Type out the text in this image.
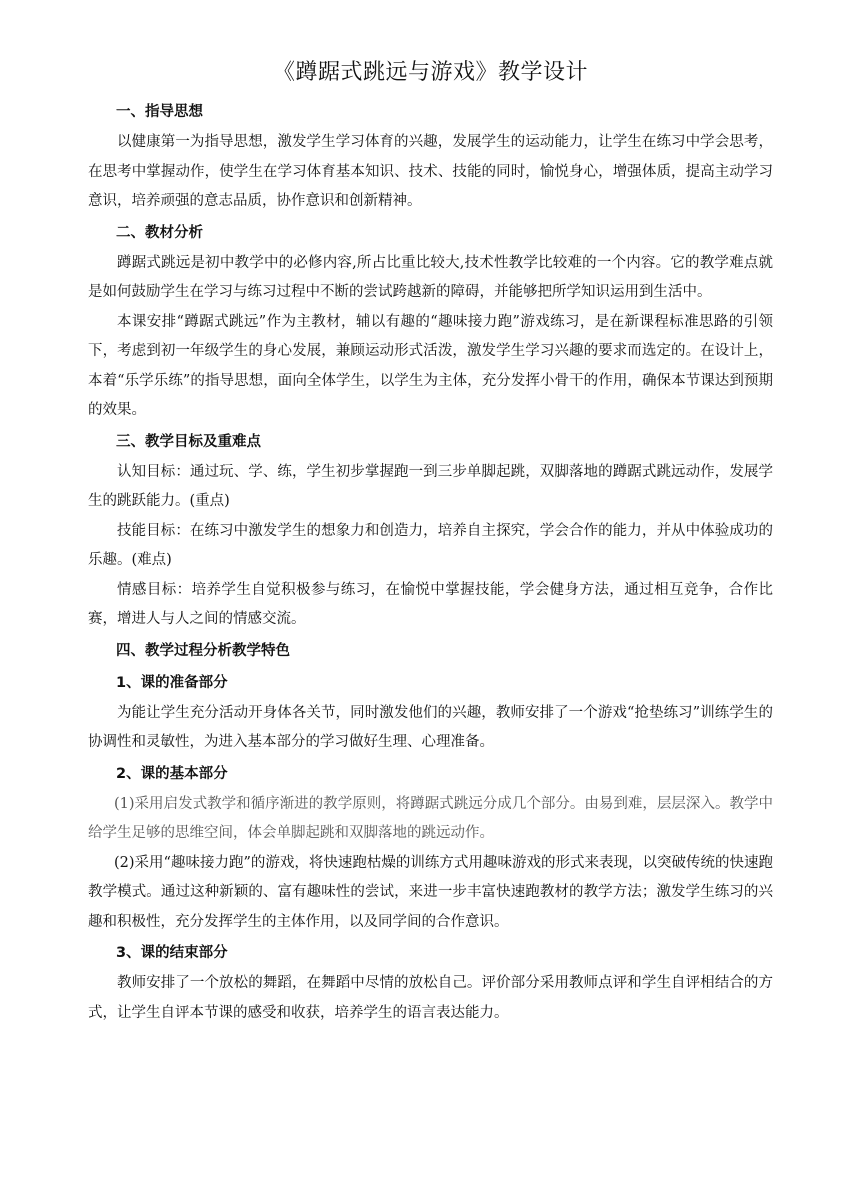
《蹲踞式跳远与游戏》教学设计
一、指导思想

以健康第一为指导思想，激发学生学习体育的兴趣，发展学生的运动能力，让学生在练习中学会思考，在思考中掌握动作，使学生在学习体育基本知识、技术、技能的同时，愉悦身心，增强体质，提高主动学习意识，培养顽强的意志品质，协作意识和创新精神。

二、教材分析

蹲踞式跳远是初中教学中的必修内容,所占比重比较大,技术性教学比较难的一个内容。它的教学难点就是如何鼓励学生在学习与练习过程中不断的尝试跨越新的障碍，并能够把所学知识运用到生活中。

本课安排“蹲踞式跳远”作为主教材，辅以有趣的“趣味接力跑”游戏练习，是在新课程标准思路的引领下，考虑到初一年级学生的身心发展，兼顾运动形式活泼，激发学生学习兴趣的要求而选定的。在设计上，本着“乐学乐练”的指导思想，面向全体学生，以学生为主体，充分发挥小骨干的作用，确保本节课达到预期的效果。

三、教学目标及重难点

认知目标：通过玩、学、练，学生初步掌握跑一到三步单脚起跳，双脚落地的蹲踞式跳远动作，发展学生的跳跃能力。(重点)

技能目标：在练习中激发学生的想象力和创造力，培养自主探究，学会合作的能力，并从中体验成功的乐趣。(难点)

情感目标：培养学生自觉积极参与练习，在愉悦中掌握技能，学会健身方法，通过相互竞争，合作比赛，增进人与人之间的情感交流。

四、教学过程分析教学特色
1、课的准备部分

为能让学生充分活动开身体各关节，同时激发他们的兴趣，教师安排了一个游戏“抢垫练习”训练学生的协调性和灵敏性，为进入基本部分的学习做好生理、心理准备。

2、课的基本部分

(1)采用启发式教学和循序渐进的教学原则，将蹲踞式跳远分成几个部分。由易到难，层层深入。教学中给学生足够的思维空间，体会单脚起跳和双脚落地的跳远动作。

(2)采用“趣味接力跑”的游戏，将快速跑枯燥的训练方式用趣味游戏的形式来表现，以突破传统的快速跑教学模式。通过这种新颖的、富有趣味性的尝试，来进一步丰富快速跑教材的教学方法；激发学生练习的兴趣和积极性，充分发挥学生的主体作用，以及同学间的合作意识。

3、课的结束部分

教师安排了一个放松的舞蹈，在舞蹈中尽情的放松自己。评价部分采用教师点评和学生自评相结合的方式，让学生自评本节课的感受和收获，培养学生的语言表达能力。
